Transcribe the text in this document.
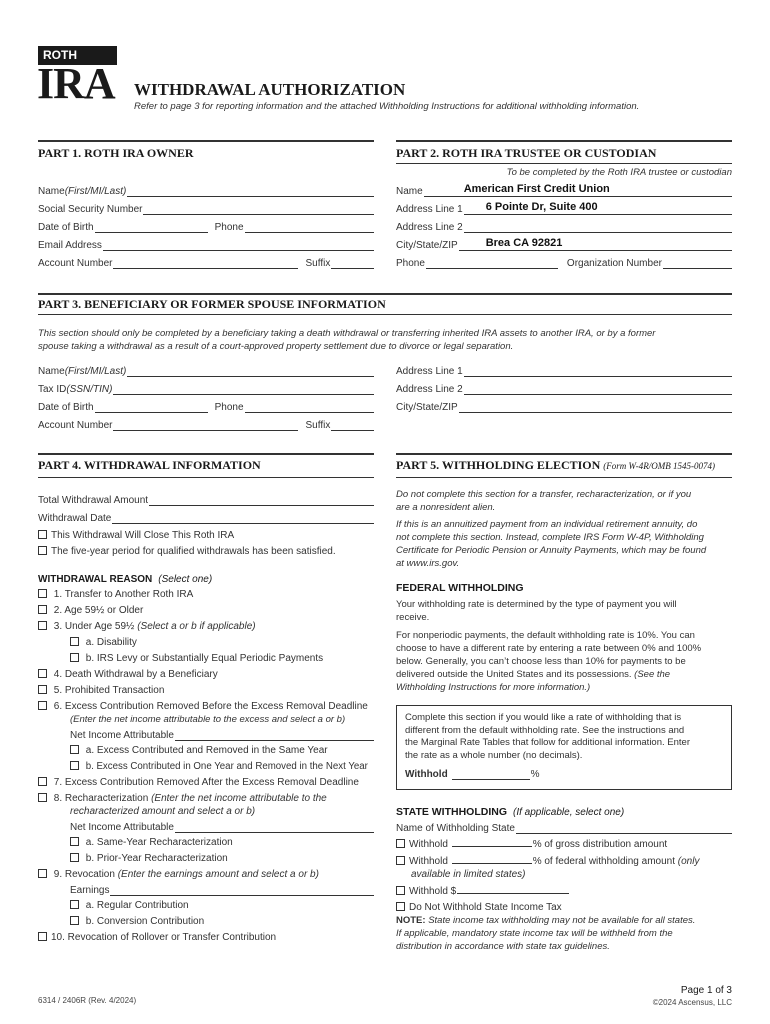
ROTH
IRA WITHDRAWAL AUTHORIZATION
Refer to page 3 for reporting information and the attached Withholding Instructions for additional withholding information.
PART 1. ROTH IRA OWNER	PART 2. ROTH IRA TRUSTEE OR CUSTODIAN
To be completed by the Roth IRA trustee or custodian
Name (First/MI/Last)
Social Security Number
Date of Birth	Phone
Email Address
Account Number	Suffix
Name	American First Credit Union
Address Line 1 6 Pointe Dr, Suite 400
Address Line 2
City/State/ZIP	Brea CA 92821
Phone	Organization Number
PART 3. BENEFICIARY OR FORMER SPOUSE INFORMATION
This section should only be completed by a beneficiary taking a death withdrawal or transferring inherited IRA assets to another IRA, or by a former
spouse taking a withdrawal as a result of a court-approved property settlement due to divorce or legal separation.
Name (First/MI/Last)
Tax ID (SSN/TIN)
Date of Birth	Phone
Account Number	Suffix
Address Line 1
Address Line 2
City/State/ZIP
PART 4. WITHDRAWAL INFORMATION	PART 5. WITHHOLDING ELECTION (Form W-4R/OMB 1545-0074)
Total Withdrawal Amount
Withdrawal Date
This Withdrawal Will Close This Roth IRA
The five-year period for qualified withdrawals has been satisfied.
WITHDRAWAL REASON (Select one)
1. Transfer to Another Roth IRA
2. Age 59½ or Older
3. Under Age 59½ (Select a or b if applicable)
a. Disability
b. IRS Levy or Substantially Equal Periodic Payments
4. Death Withdrawal by a Beneficiary
5. Prohibited Transaction
6. Excess Contribution Removed Before the Excess Removal Deadline
(Enter the net income attributable to the excess and select a or b)
Net Income Attributable
a. Excess Contributed and Removed in the Same Year
b. Excess Contributed in One Year and Removed in the Next Year
7. Excess Contribution Removed After the Excess Removal Deadline
8. Recharacterization (Enter the net income attributable to the
recharacterized amount and select a or b)
Net Income Attributable
a. Same-Year Recharacterization
b. Prior-Year Recharacterization
9. Revocation (Enter the earnings amount and select a or b)
Earnings
a. Regular Contribution
b. Conversion Contribution
10. Revocation of Rollover or Transfer Contribution
Do not complete this section for a transfer, recharacterization, or if you
are a nonresident alien.
If this is an annuitized payment from an individual retirement annuity, do
not complete this section. Instead, complete IRS Form W-4P, Withholding
Certificate for Periodic Pension or Annuity Payments, which may be found
at www.irs.gov.
FEDERAL WITHHOLDING
Your withholding rate is determined by the type of payment you will
receive.
For nonperiodic payments, the default withholding rate is 10%. You can
choose to have a different rate by entering a rate between 0% and 100%
below. Generally, you can’t choose less than 10% for payments to be
delivered outside the United States and its possessions. (See the
Withholding Instructions for more information.)
Complete this section if you would like a rate of withholding that is
different from the default withholding rate. See the instructions and
the Marginal Rate Tables that follow for additional information. Enter
the rate as a whole number (no decimals).
Withhold	%
STATE WITHHOLDING (If applicable, select one)
Name of Withholding State
Withhold	% of gross distribution amount
Withhold	% of federal withholding amount (only
available in limited states)
Withhold $
Do Not Withhold State Income Tax
NOTE: State income tax withholding may not be available for all states.
If applicable, mandatory state income tax will be withheld from the
distribution in accordance with state tax guidelines.
6314 / 2406R (Rev. 4/2024)
Page 1 of 3
©2024 Ascensus, LLC
